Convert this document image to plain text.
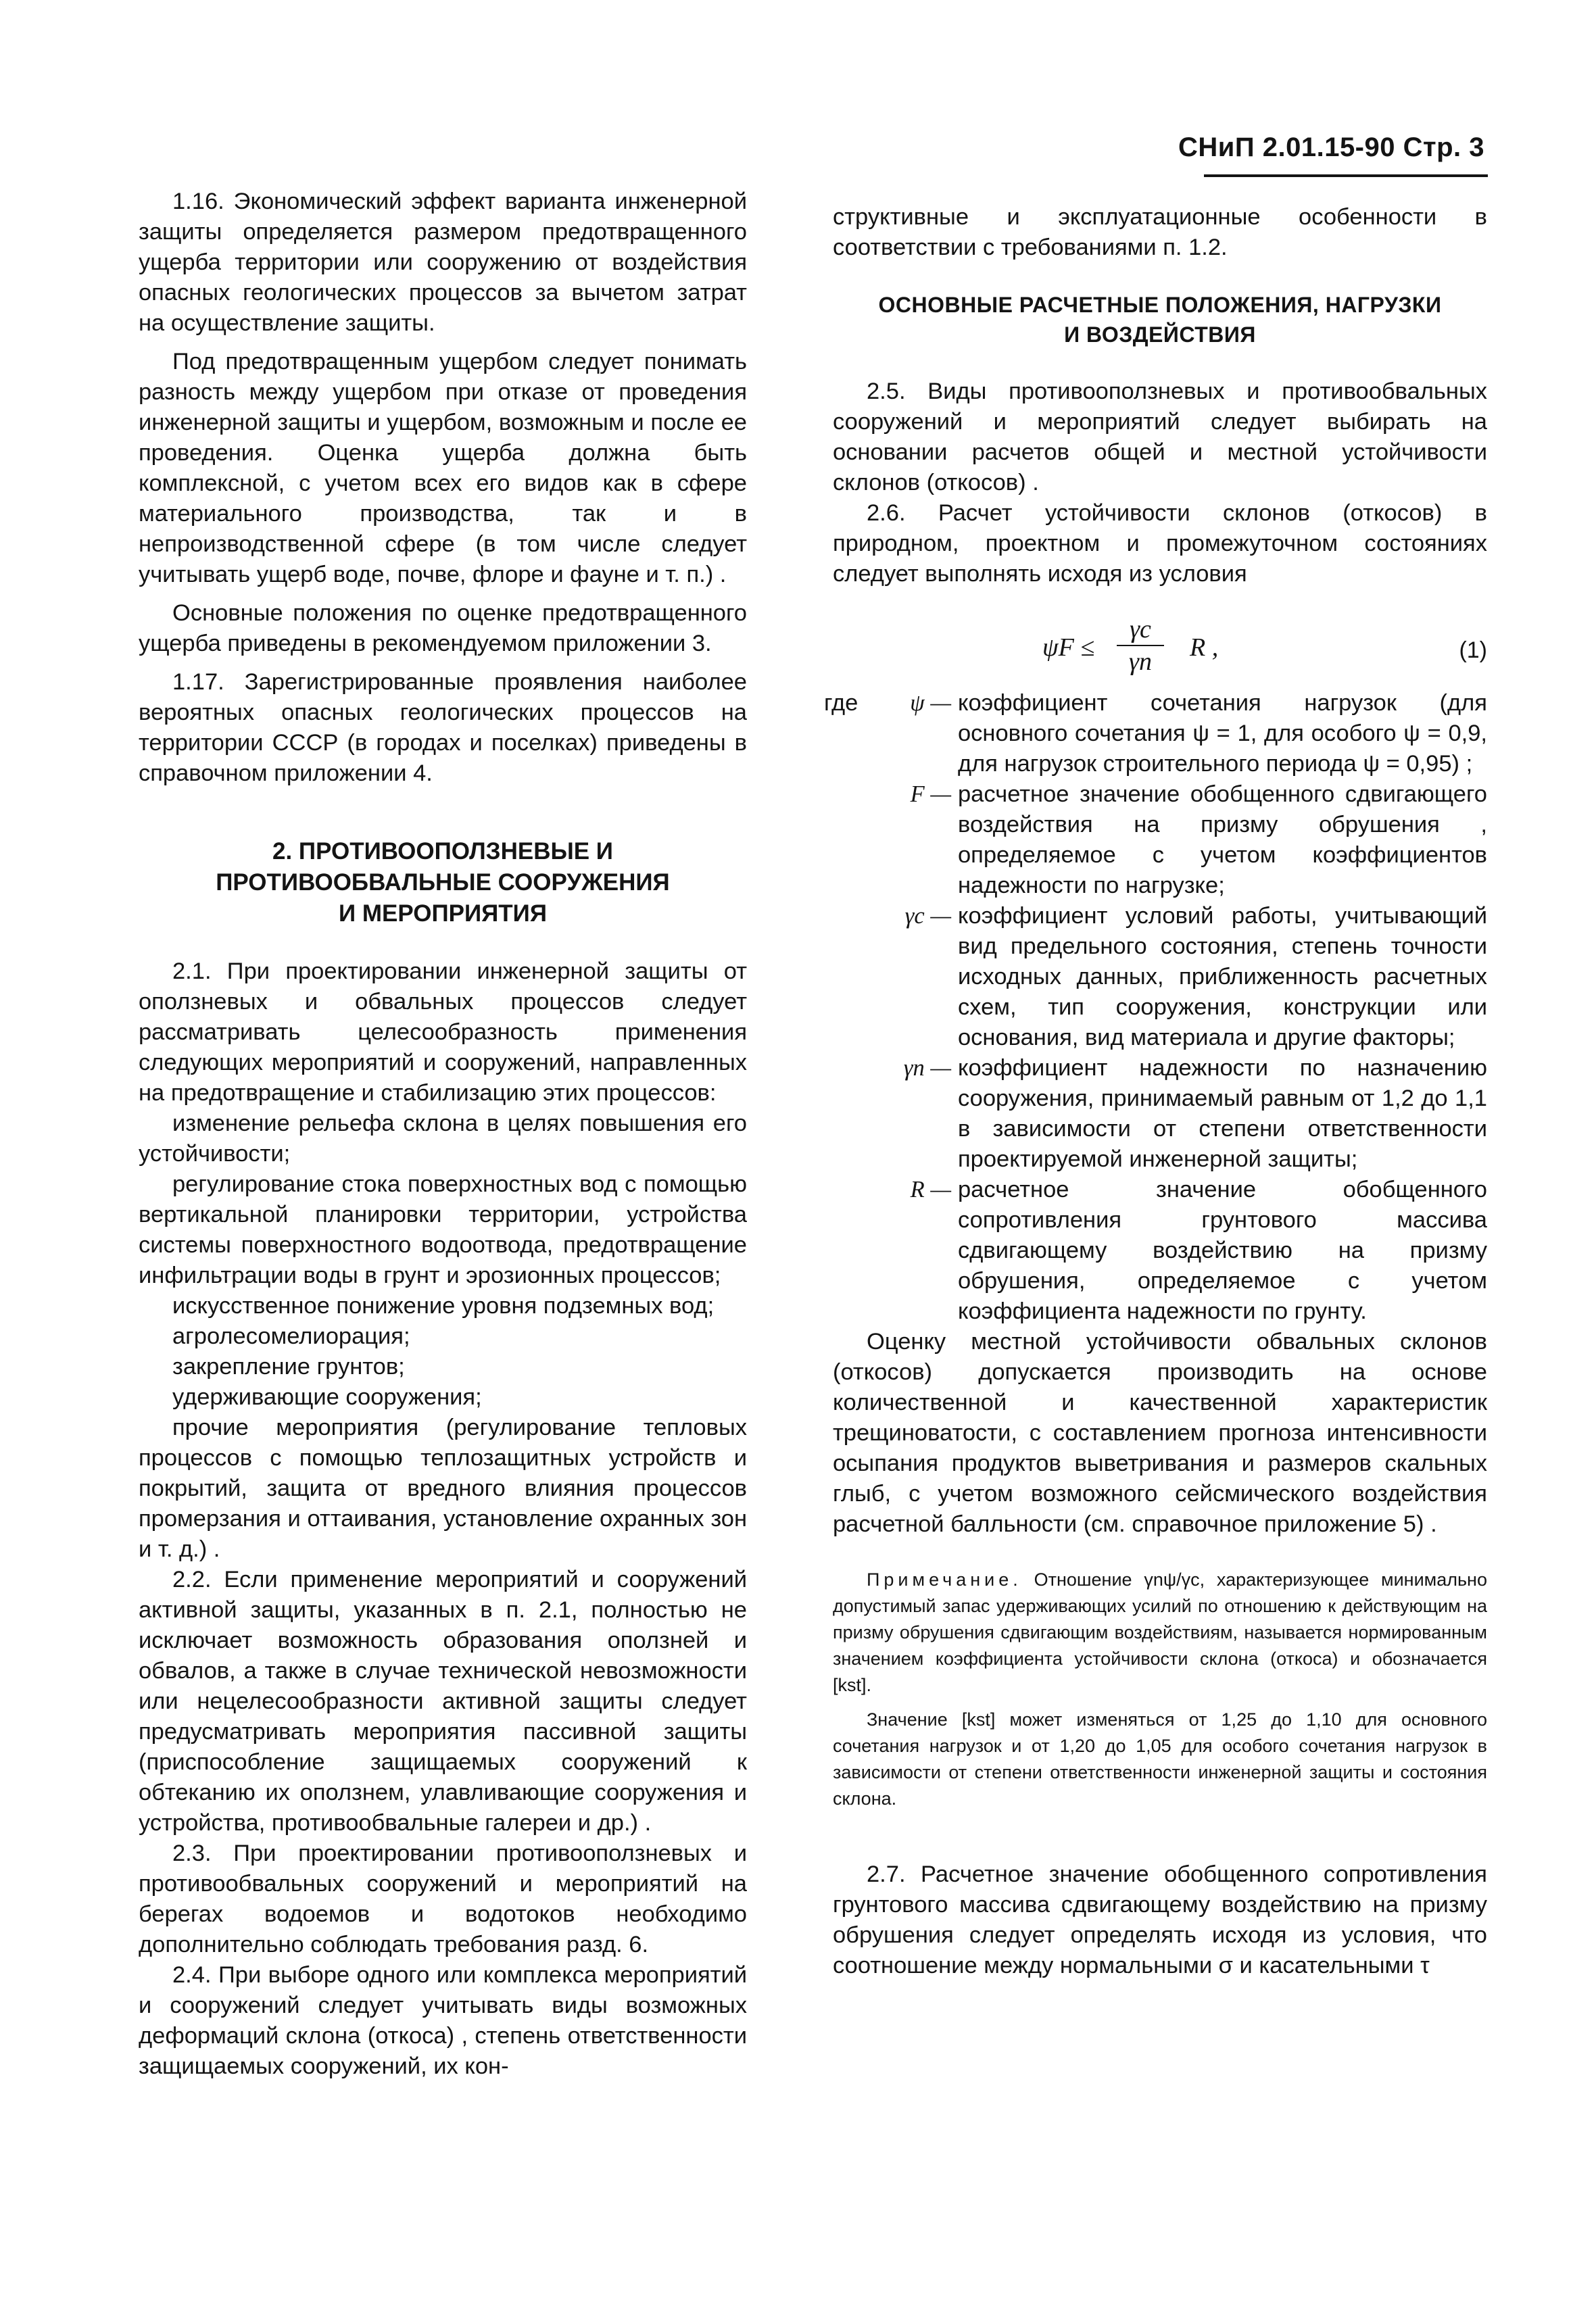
СНиП 2.01.15-90 Стр. 3

1.16. Экономический эффект варианта инженерной защиты определяется размером предотвращенного ущерба территории или сооружению от воздействия опасных геологических процессов за вычетом затрат на осуществление защиты.

Под предотвращенным ущербом следует понимать разность между ущербом при отказе от проведения инженерной защиты и ущербом, возможным и после ее проведения. Оценка ущерба должна быть комплексной, с учетом всех его видов как в сфере материального производства, так и в непроизводственной сфере (в том числе следует учитывать ущерб воде, почве, флоре и фауне и т. п.) .

Основные положения по оценке предотвращенного ущерба приведены в рекомендуемом приложении 3.

1.17. Зарегистрированные проявления наиболее вероятных опасных геологических процессов на территории СССР (в городах и поселках) приведены в справочном приложении 4.

2. ПРОТИВООПОЛЗНЕВЫЕ И
ПРОТИВООБВАЛЬНЫЕ СООРУЖЕНИЯ
И МЕРОПРИЯТИЯ

2.1. При проектировании инженерной защиты от оползневых и обвальных процессов следует рассматривать целесообразность применения следующих мероприятий и сооружений, направленных на предотвращение и стабилизацию этих процессов:

изменение рельефа склона в целях повышения его устойчивости;

регулирование стока поверхностных вод с помощью вертикальной планировки территории, устройства системы поверхностного водоотвода, предотвращение инфильтрации воды в грунт и эрозионных процессов;

искусственное понижение уровня подземных вод;

агролесомелиорация;

закрепление грунтов;

удерживающие сооружения;

прочие мероприятия (регулирование тепловых процессов с помощью теплозащитных устройств и покрытий, защита от вредного влияния процессов промерзания и оттаивания, установление охранных зон и т. д.) .

2.2. Если применение мероприятий и сооружений активной защиты, указанных в п. 2.1, полностью не исключает возможность образования оползней и обвалов, а также в случае технической невозможности или нецелесообразности активной защиты следует предусматривать мероприятия пассивной защиты (приспособление защищаемых сооружений к обтеканию их оползнем, улавливающие сооружения и устройства, противообвальные галереи и др.) .

2.3. При проектировании противооползневых и противообвальных сооружений и мероприятий на берегах водоемов и водотоков необходимо дополнительно соблюдать требования разд. 6.

2.4. При выборе одного или комплекса мероприятий и сооружений следует учитывать виды возможных деформаций склона (откоса) , степень ответственности защищаемых сооружений, их кон-

структивные и эксплуатационные особенности в соответствии с требованиями п. 1.2.

ОСНОВНЫЕ РАСЧЕТНЫЕ ПОЛОЖЕНИЯ, НАГРУЗКИ
И ВОЗДЕЙСТВИЯ

2.5. Виды противооползневых и противообвальных сооружений и мероприятий следует выбирать на основании расчетов общей и местной устойчивости склонов (откосов) .

2.6. Расчет устойчивости склонов (откосов) в природном, проектном и промежуточном состояниях следует выполнять исходя из условия

ψF ≤
γc
γn	R ,	(1)
где	ψ — коэффициент сочетания нагрузок (для основного сочетания ψ = 1, для особого ψ = 0,9, для нагрузок строительного периода ψ = 0,95) ;

F — расчетное значение обобщенного сдвигающего воздействия на призму обрушения , определяемое с учетом коэффициентов надежности по нагрузке;

γc — коэффициент условий работы, учитывающий вид предельного состояния, степень точности исходных данных, приближенность расчетных схем, тип сооружения, конструкции или основания, вид материала и другие факторы;

γn — коэффициент надежности по назначению сооружения, принимаемый равным от 1,2 до 1,1 в зависимости от степени ответственности проектируемой инженерной защиты;

R — расчетное значение обобщенного сопротивления грунтового массива сдвигающему воздействию на призму обрушения, определяемое с учетом коэффициента надежности по грунту.

Оценку местной устойчивости обвальных склонов (откосов) допускается производить на основе количественной и качественной характеристик трещиноватости, с составлением прогноза интенсивности осыпания продуктов выветривания и размеров скальных глыб, с учетом возможного сейсмического воздействия расчетной балльности (см. справочное приложение 5) .

Примечание. Отношение γnψ/γc, характеризующее минимально допустимый запас удерживающих усилий по отношению к действующим на призму обрушения сдвигающим воздействиям, называется нормированным значением коэффициента устойчивости склона (откоса) и обозначается [kst].

Значение [kst] может изменяться от 1,25 до 1,10 для основного сочетания нагрузок и от 1,20 до 1,05 для особого сочетания нагрузок в зависимости от степени ответственности инженерной защиты и состояния склона.

2.7. Расчетное значение обобщенного сопротивления грунтового массива сдвигающему воздействию на призму обрушения следует определять исходя из условия, что соотношение между нормальными σ и касательными τ
